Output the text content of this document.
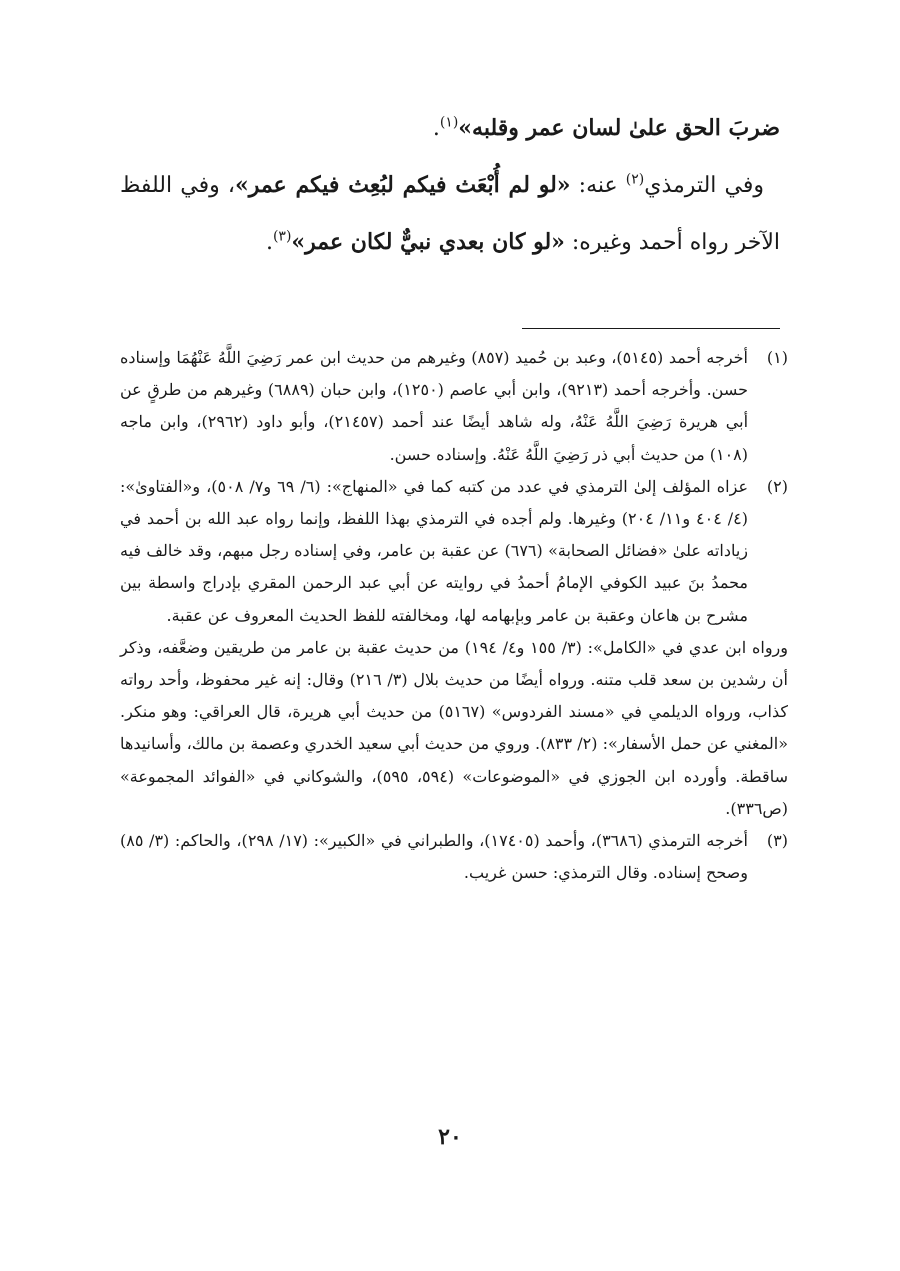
ضربَ الحق علىٰ لسان عمر وقلبه»$^{(١)}$.

وفي الترمذي$^{(٢)}$ عنه: «لو لم أُبْعَث فيكم لبُعِث فيكم عمر»، وفي اللفظ الآخر رواه أحمد وغيره: «لو كان بعدي نبيٌّ لكان عمر»$^{(٣)}$.

(١)
أخرجه أحمد (٥١٤٥)، وعبد بن حُميد (٨٥٧) وغيرهم من حديث ابن عمر رَضِيَ اللَّهُ عَنْهُمَا وإسناده حسن. وأخرجه أحمد (٩٢١٣)، وابن أبي عاصم (١٢٥٠)، وابن حبان (٦٨٨٩) وغيرهم من طرقٍ عن أبي هريرة رَضِيَ اللَّهُ عَنْهُ، وله شاهد أيضًا عند أحمد (٢١٤٥٧)، وأبو داود (٢٩٦٢)، وابن ماجه (١٠٨) من حديث أبي ذر رَضِيَ اللَّهُ عَنْهُ. وإسناده حسن.
(٢)
عزاه المؤلف إلىٰ الترمذي في عدد من كتبه كما في «المنهاج»: (٦/ ٦٩ و٧/ ٥٠٨)، و«الفتاوىٰ»: (٤/ ٤٠٤ و١١/ ٢٠٤) وغيرها. ولم أجده في الترمذي بهذا اللفظ، وإنما رواه عبد الله بن أحمد في زياداته علىٰ «فضائل الصحابة» (٦٧٦) عن عقبة بن عامر، وفي إسناده رجل مبهم، وقد خالف فيه محمدُ بنَ عبيد الكوفي الإمامُ أحمدُ في روايته عن أبي عبد الرحمن المقري بإدراج واسطة بين مشرح بن هاعان وعقبة بن عامر وبإبهامه لها، ومخالفته للفظ الحديث المعروف عن عقبة.
ورواه ابن عدي في «الكامل»: (٣/ ١٥٥ و٤/ ١٩٤) من حديث عقبة بن عامر من طريقين وضعَّفه، وذكر أن رشدين بن سعد قلب متنه. ورواه أيضًا من حديث بلال (٣/ ٢١٦) وقال: إنه غير محفوظ، وأحد رواته كذاب، ورواه الديلمي في «مسند الفردوس» (٥١٦٧) من حديث أبي هريرة، قال العراقي: وهو منكر. «المغني عن حمل الأسفار»: (٢/ ٨٣٣). وروي من حديث أبي سعيد الخدري وعصمة بن مالك، وأسانيدها ساقطة. وأورده ابن الجوزي في «الموضوعات» (٥٩٤، ٥٩٥)، والشوكاني في «الفوائد المجموعة» (ص٣٣٦).
(٣)
أخرجه الترمذي (٣٦٨٦)، وأحمد (١٧٤٠٥)، والطبراني في «الكبير»: (١٧/ ٢٩٨)، والحاكم: (٣/ ٨٥) وصحح إسناده. وقال الترمذي: حسن غريب.
٢٠
